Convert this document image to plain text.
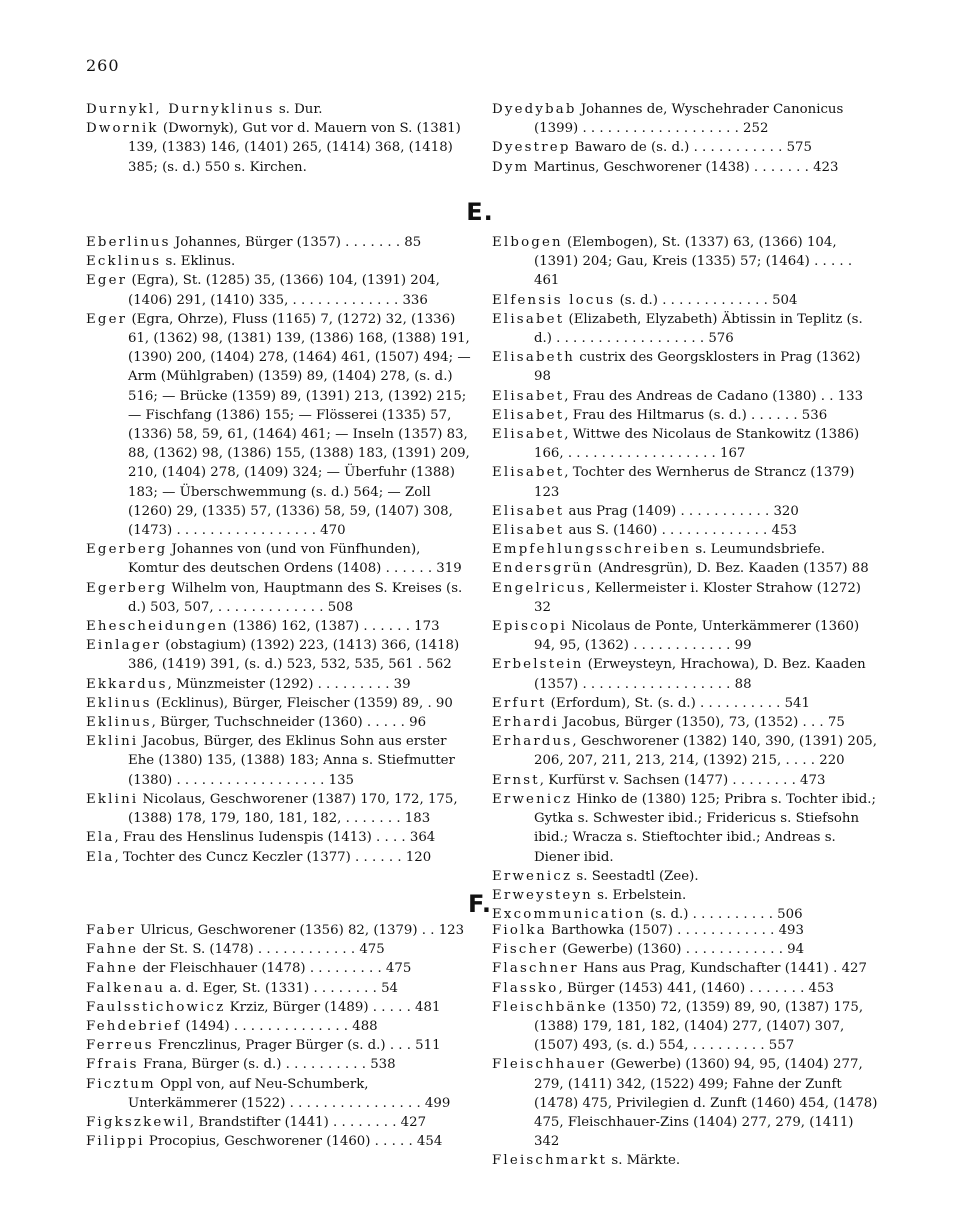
260

Durnykl, Durnyklinus s. Dur.

Dwornik (Dwornyk), Gut vor d. Mauern von S. (1381) 139, (1383) 146, (1401) 265, (1414) 368, (1418) 385; (s. d.) 550 s. Kirchen.

Dyedybab Johannes de, Wyschehrader Canonicus (1399) . . . . . . . . . . . . . . . . . . . 252

Dyestrep Bawaro de (s. d.) . . . . . . . . . . . 575

Dym Martinus, Geschworener (1438) . . . . . . . 423

E.

Eberlinus Johannes, Bürger (1357) . . . . . . . 85

Ecklinus s. Eklinus.

Eger (Egra), St. (1285) 35, (1366) 104, (1391) 204, (1406) 291, (1410) 335, . . . . . . . . . . . . . 336

Eger (Egra, Ohrze), Fluss (1165) 7, (1272) 32, (1336) 61, (1362) 98, (1381) 139, (1386) 168, (1388) 191, (1390) 200, (1404) 278, (1464) 461, (1507) 494; — Arm (Mühlgraben) (1359) 89, (1404) 278, (s. d.) 516; — Brücke (1359) 89, (1391) 213, (1392) 215; — Fischfang (1386) 155; — Flösserei (1335) 57, (1336) 58, 59, 61, (1464) 461; — Inseln (1357) 83, 88, (1362) 98, (1386) 155, (1388) 183, (1391) 209, 210, (1404) 278, (1409) 324; — Überfuhr (1388) 183; — Überschwemmung (s. d.) 564; — Zoll (1260) 29, (1335) 57, (1336) 58, 59, (1407) 308, (1473) . . . . . . . . . . . . . . . . . 470

Egerberg Johannes von (und von Fünfhunden), Komtur des deutschen Ordens (1408) . . . . . . 319

Egerberg Wilhelm von, Hauptmann des S. Kreises (s. d.) 503, 507, . . . . . . . . . . . . . 508

Ehescheidungen (1386) 162, (1387) . . . . . . 173

Einlager (obstagium) (1392) 223, (1413) 366, (1418) 386, (1419) 391, (s. d.) 523, 532, 535, 561 . 562

Ekkardus, Münzmeister (1292) . . . . . . . . . 39

Eklinus (Ecklinus), Bürger, Fleischer (1359) 89, . 90

Eklinus, Bürger, Tuchschneider (1360) . . . . . 96

Eklini Jacobus, Bürger, des Eklinus Sohn aus erster Ehe (1380) 135, (1388) 183; Anna s. Stiefmutter (1380) . . . . . . . . . . . . . . . . . . 135

Eklini Nicolaus, Geschworener (1387) 170, 172, 175, (1388) 178, 179, 180, 181, 182, . . . . . . . 183

Ela, Frau des Henslinus Iudenspis (1413) . . . . 364

Ela, Tochter des Cuncz Keczler (1377) . . . . . . 120

Elbogen (Elembogen), St. (1337) 63, (1366) 104, (1391) 204; Gau, Kreis (1335) 57; (1464) . . . . . 461

Elfensis locus (s. d.) . . . . . . . . . . . . . 504

Elisabet (Elizabeth, Elyzabeth) Äbtissin in Teplitz (s. d.) . . . . . . . . . . . . . . . . . . 576

Elisabeth custrix des Georgsklosters in Prag (1362) 98

Elisabet, Frau des Andreas de Cadano (1380) . . 133

Elisabet, Frau des Hiltmarus (s. d.) . . . . . . 536

Elisabet, Wittwe des Nicolaus de Stankowitz (1386) 166, . . . . . . . . . . . . . . . . . . 167

Elisabet, Tochter des Wernherus de Strancz (1379) 123

Elisabet aus Prag (1409) . . . . . . . . . . . 320

Elisabet aus S. (1460) . . . . . . . . . . . . . 453

Empfehlungsschreiben s. Leumundsbriefe.

Endersgrün (Andresgrün), D. Bez. Kaaden (1357) 88

Engelricus, Kellermeister i. Kloster Strahow (1272) 32

Episcopi Nicolaus de Ponte, Unterkämmerer (1360) 94, 95, (1362) . . . . . . . . . . . . 99

Erbelstein (Erweysteyn, Hrachowa), D. Bez. Kaaden (1357) . . . . . . . . . . . . . . . . . . 88

Erfurt (Erfordum), St. (s. d.) . . . . . . . . . . 541

Erhardi Jacobus, Bürger (1350), 73, (1352) . . . 75

Erhardus, Geschworener (1382) 140, 390, (1391) 205, 206, 207, 211, 213, 214, (1392) 215, . . . . 220

Ernst, Kurfürst v. Sachsen (1477) . . . . . . . . 473

Erwenicz Hinko de (1380) 125; Pribra s. Tochter ibid.; Gytka s. Schwester ibid.; Fridericus s. Stiefsohn ibid.; Wracza s. Stieftochter ibid.; Andreas s. Diener ibid.

Erwenicz s. Seestadtl (Zee).

Erweysteyn s. Erbelstein.

Excommunication (s. d.) . . . . . . . . . . 506

F.

Faber Ulricus, Geschworener (1356) 82, (1379) . . 123

Fahne der St. S. (1478) . . . . . . . . . . . . 475

Fahne der Fleischhauer (1478) . . . . . . . . . 475

Falkenau a. d. Eger, St. (1331) . . . . . . . . 54

Faulsstichowicz Krziz, Bürger (1489) . . . . . 481

Fehdebrief (1494) . . . . . . . . . . . . . . 488

Ferreus Frenczlinus, Prager Bürger (s. d.) . . . 511

Ffrais Frana, Bürger (s. d.) . . . . . . . . . . 538

Ficztum Oppl von, auf Neu-Schumberk, Unterkämmerer (1522) . . . . . . . . . . . . . . . . 499

Figkszkewil, Brandstifter (1441) . . . . . . . . 427

Filippi Procopius, Geschworener (1460) . . . . . 454

Fiolka Barthowka (1507) . . . . . . . . . . . . 493

Fischer (Gewerbe) (1360) . . . . . . . . . . . . 94

Flaschner Hans aus Prag, Kundschafter (1441) . 427

Flassko, Bürger (1453) 441, (1460) . . . . . . . 453

Fleischbänke (1350) 72, (1359) 89, 90, (1387) 175, (1388) 179, 181, 182, (1404) 277, (1407) 307, (1507) 493, (s. d.) 554, . . . . . . . . . 557

Fleischhauer (Gewerbe) (1360) 94, 95, (1404) 277, 279, (1411) 342, (1522) 499; Fahne der Zunft (1478) 475, Privilegien d. Zunft (1460) 454, (1478) 475, Fleischhauer-Zins (1404) 277, 279, (1411) 342

Fleischmarkt s. Märkte.
